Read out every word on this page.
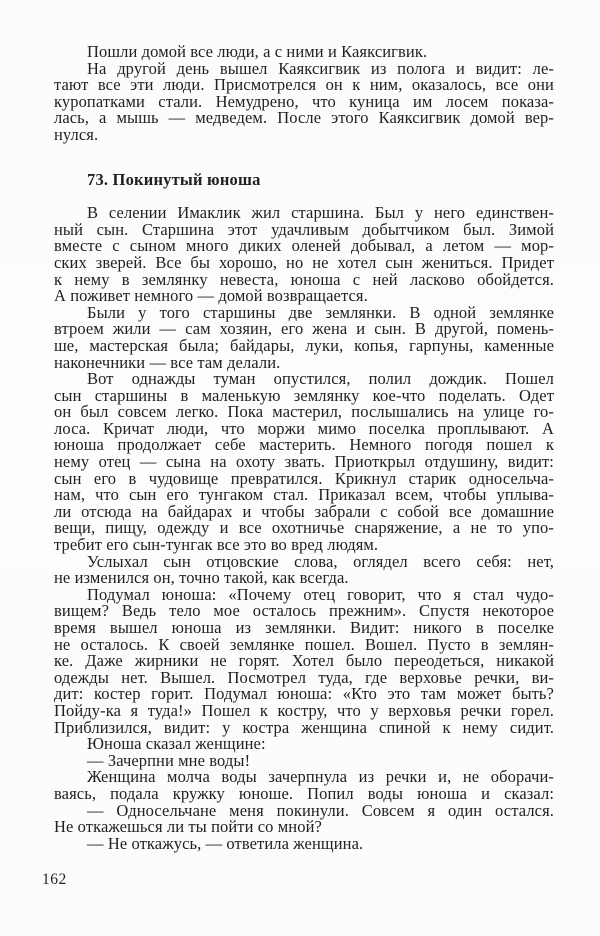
Пошли домой все люди, а с ними и Каяксигвик.
На другой день вышел Каяксигвик из полога и видит: ле-
тают все эти люди. Присмотрелся он к ним, оказалось, все они
куропатками стали. Немудрено, что куница им лосем показа-
лась, а мышь — медведем. После этого Каяксигвик домой вер-
нулся.
73. Покинутый юноша
В селении Имаклик жил старшина. Был у него единствен-
ный сын. Старшина этот удачливым добытчиком был. Зимой
вместе с сыном много диких оленей добывал, а летом — мор-
ских зверей. Все бы хорошо, но не хотел сын жениться. Придет
к нему в землянку невеста, юноша с ней ласково обойдется.
А поживет немного — домой возвращается.
Были у того старшины две землянки. В одной землянке
втроем жили — сам хозяин, его жена и сын. В другой, помень-
ше, мастерская была; байдары, луки, копья, гарпуны, каменные
наконечники — все там делали.
Вот однажды туман опустился, полил дождик. Пошел
сын старшины в маленькую землянку кое-что поделать. Одет
он был совсем легко. Пока мастерил, послышались на улице го-
лоса. Кричат люди, что моржи мимо поселка проплывают. А
юноша продолжает себе мастерить. Немного погодя пошел к
нему отец — сына на охоту звать. Приоткрыл отдушину, видит:
сын его в чудовище превратился. Крикнул старик односельча-
нам, что сын его тунгаком стал. Приказал всем, чтобы уплыва-
ли отсюда на байдарах и чтобы забрали с собой все домашние
вещи, пищу, одежду и все охотничье снаряжение, а не то упо-
требит его сын-тунгак все это во вред людям.
Услыхал сын отцовские слова, оглядел всего себя: нет,
не изменился он, точно такой, как всегда.
Подумал юноша: «Почему отец говорит, что я стал чудо-
вищем? Ведь тело мое осталось прежним». Спустя некоторое
время вышел юноша из землянки. Видит: никого в поселке
не осталось. К своей землянке пошел. Вошел. Пусто в землян-
ке. Даже жирники не горят. Хотел было переодеться, никакой
одежды нет. Вышел. Посмотрел туда, где верховье речки, ви-
дит: костер горит. Подумал юноша: «Кто это там может быть?
Пойду-ка я туда!» Пошел к костру, что у верховья речки горел.
Приблизился, видит: у костра женщина спиной к нему сидит.
Юноша сказал женщине:
— Зачерпни мне воды!
Женщина молча воды зачерпнула из речки и, не оборачи-
ваясь, подала кружку юноше. Попил воды юноша и сказал:
— Односельчане меня покинули. Совсем я один остался.
Не откажешься ли ты пойти со мной?
— Не откажусь, — ответила женщина.
162
